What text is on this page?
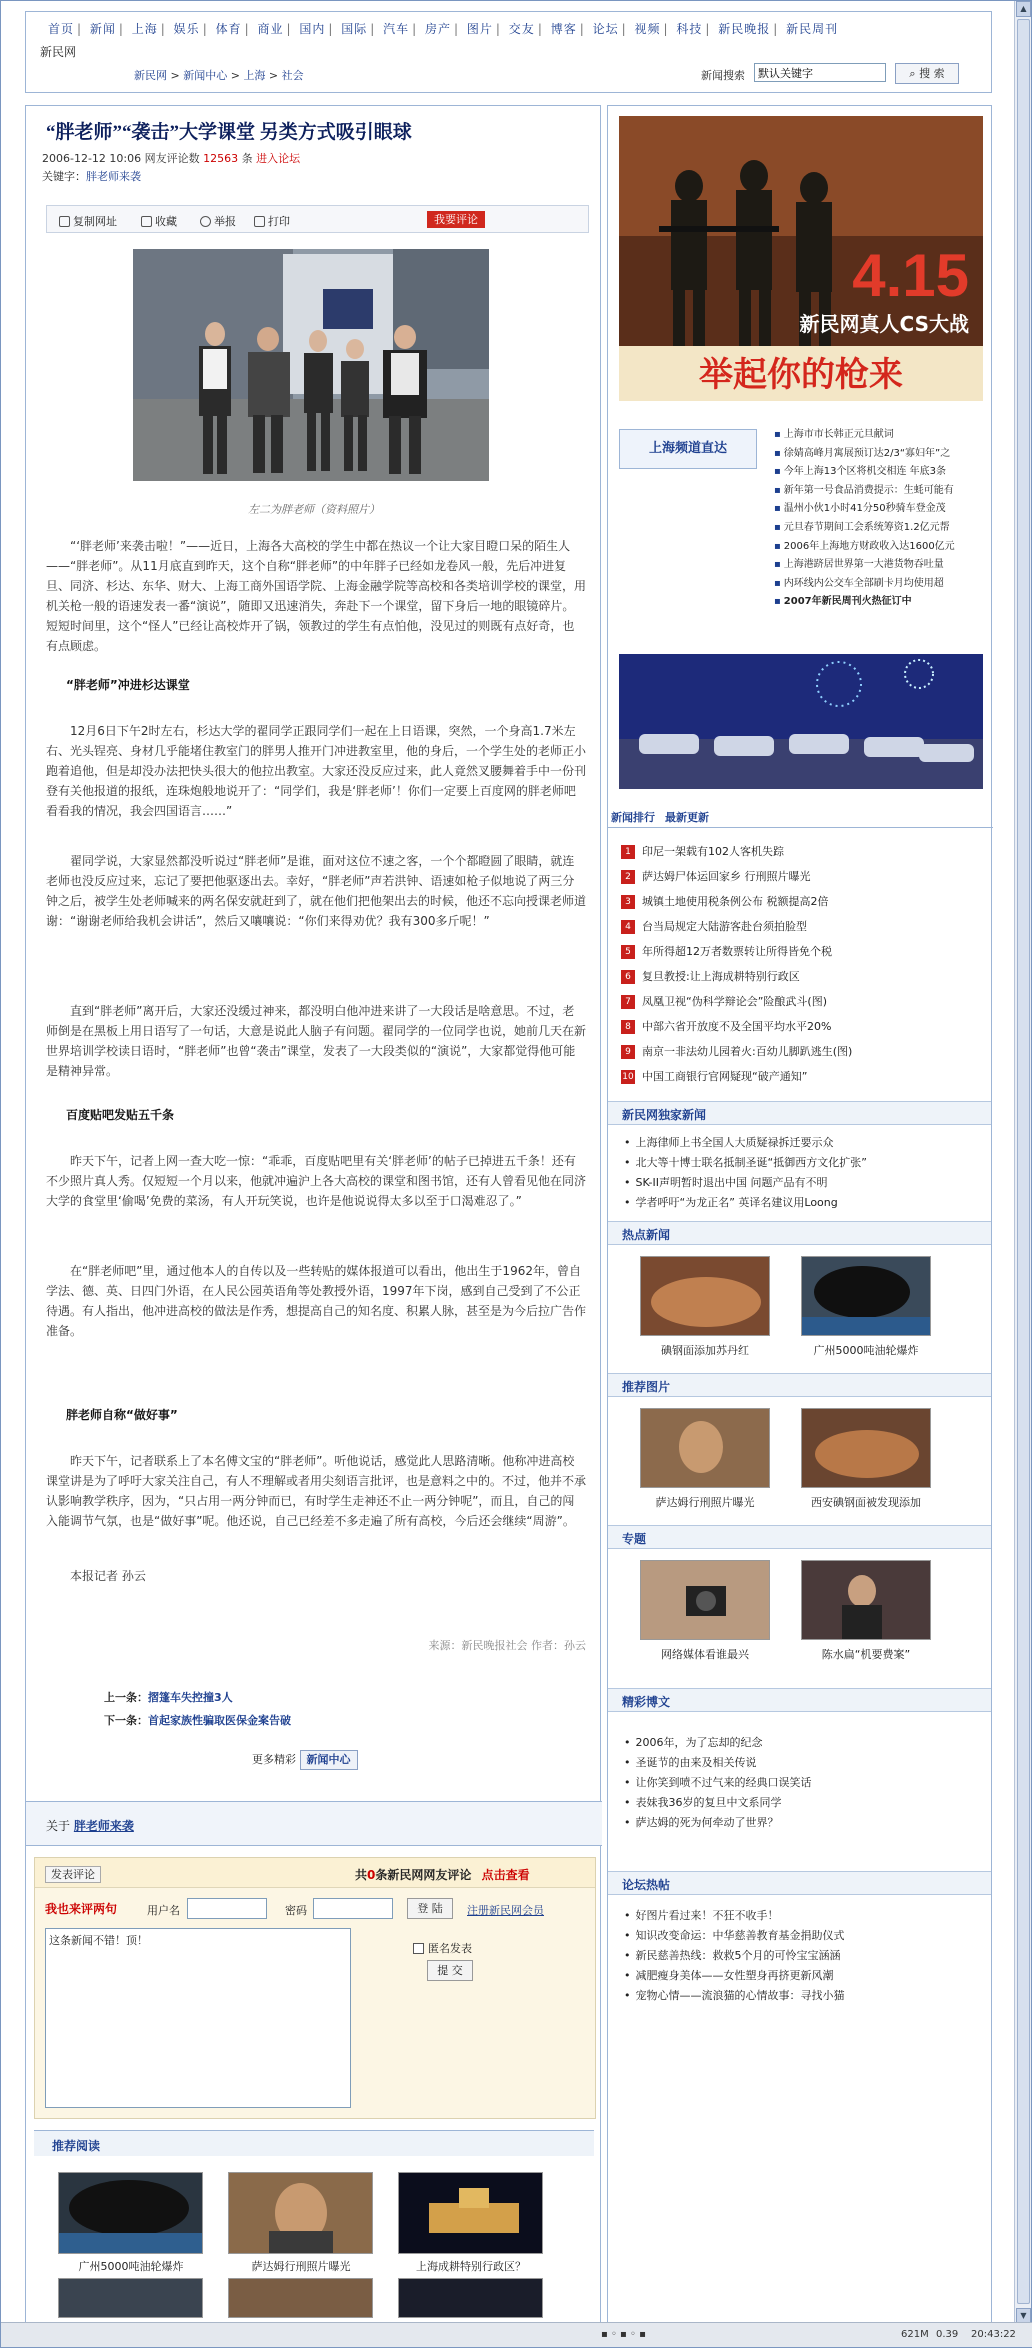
首页 | 新闻 | 上海 | 娱乐 | 体育 | 商业 | 国内 | 国际 | 汽车 | 房产 | 图片 | 交友 | 博客 | 论坛 | 视频 | 科技 | 新民晚报 | 新民周刊
新民网
新民网 > 新闻中心 > 上海 > 社会	新闻搜索
默认关键字	⌕ 搜 索
“胖老师”“袭击”大学课堂 另类方式吸引眼球
2006-12-12 10:06 网友评论数 12563 条 进入论坛
关键字：胖老师来袭
复制网址	收藏	举报	打印	我要评论
左二为胖老师（资料照片）

“‘胖老师’来袭击啦！”——近日，上海各大高校的学生中都在热议一个让大家目瞪口呆的陌生人——“胖老师”。从11月底直到昨天，这个自称“胖老师”的中年胖子已经如龙卷风一般，先后冲进复旦、同济、杉达、东华、财大、上海工商外国语学院、上海金融学院等高校和各类培训学校的课堂，用机关枪一般的语速发表一番“演说”，随即又迅速消失，奔赴下一个课堂，留下身后一地的眼镜碎片。短短时间里，这个“怪人”已经让高校炸开了锅，领教过的学生有点怕他，没见过的则既有点好奇，也有点顾虑。

“胖老师”冲进杉达课堂

12月6日下午2时左右，杉达大学的翟同学正跟同学们一起在上日语课，突然，一个身高1.7米左右、光头锃亮、身材几乎能堵住教室门的胖男人推开门冲进教室里，他的身后，一个学生处的老师正小跑着追他，但是却没办法把快头很大的他拉出教室。大家还没反应过来，此人竟然叉腰舞着手中一份刊登有关他报道的报纸，连珠炮般地说开了：“同学们，我是‘胖老师’！你们一定要上百度网的胖老师吧看看我的情况，我会四国语言……”

翟同学说，大家显然都没听说过“胖老师”是谁，面对这位不速之客，一个个都瞪圆了眼睛，就连老师也没反应过来，忘记了要把他驱逐出去。幸好，“胖老师”声若洪钟、语速如枪子似地说了两三分钟之后，被学生处老师喊来的两名保安就赶到了，就在他们把他架出去的时候，他还不忘向授课老师道谢：“谢谢老师给我机会讲话”，然后又嚷嚷说：“你们来得劝优？我有300多斤呢！”

直到“胖老师”离开后，大家还没缓过神来，都没明白他冲进来讲了一大段话是啥意思。不过，老师倒是在黑板上用日语写了一句话，大意是说此人脑子有问题。翟同学的一位同学也说，她前几天在新世界培训学校读日语时，“胖老师”也曾“袭击”课堂，发表了一大段类似的“演说”，大家都觉得他可能是精神异常。

百度贴吧发贴五千条

昨天下午，记者上网一查大吃一惊：“乖乖，百度贴吧里有关‘胖老师’的帖子已掉进五千条！还有不少照片真人秀。仅短短一个月以来，他就冲遍沪上各大高校的课堂和图书馆，还有人曾看见他在同济大学的食堂里‘偷喝’免费的菜汤，有人开玩笑说，也许是他说说得太多以至于口渴难忍了。”

在“胖老师吧”里，通过他本人的自传以及一些转贴的媒体报道可以看出，他出生于1962年，曾自学法、德、英、日四门外语，在人民公园英语角等处教授外语，1997年下岗，感到自己受到了不公正待遇。有人指出，他冲进高校的做法是作秀，想提高自己的知名度、积累人脉，甚至是为今后拉广告作准备。

胖老师自称“做好事”

昨天下午，记者联系上了本名傅文宝的“胖老师”。听他说话，感觉此人思路清晰。他称冲进高校课堂讲是为了呼吁大家关注自己，有人不理解或者用尖刻语言批评，也是意料之中的。不过，他并不承认影响教学秩序，因为，“只占用一两分钟而已，有时学生走神还不止一两分钟呢”，而且，自己的闯入能调节气氛，也是“做好事”呢。他还说，自己已经差不多走遍了所有高校，今后还会继续“周游”。

本报记者 孙云

来源：新民晚报社会 作者：孙云
上一条：摺篷车失控撞3人
下一条：首起家族性骗取医保金案告破
更多精彩 新闻中心
关于 胖老师来袭
发表评论	共0条新民网网友评论 点击查看
我也来评两句	用户名	密码	登 陆	注册新民网会员
这条新闻不错！顶！
匿名发表
提 交
推荐阅读
广州5000吨油轮爆炸	萨达姆行刑照片曝光	上海成耕特别行政区？
4.15
新民网真人CS大战
举起你的枪来
上海频道直达
▪ 上海市市长韩正元旦献词
▪ 徐婧高峰月寓展预订达2/3“寡妇年”之
▪ 今年上海13个区将机交相连 年底3条
▪ 新年第一号食品消费提示：生蚝可能有
▪ 温州小伙1小时41分50秒骑车登金茂
▪ 元旦春节期间工会系统筹资1.2亿元帮
▪ 2006年上海地方财政收入达1600亿元
▪ 上海港跻居世界第一大港货物吞吐量
▪ 内环线内公交车全部刷卡月均使用超
▪ 2007年新民周刊火热征订中
新闻排行 最新更新
1 印尼一架载有102人客机失踪
2 萨达姆尸体运回家乡 行刑照片曝光
3 城镇土地使用税条例公布 税额提高2倍
4 台当局规定大陆游客赴台须拍脸型
5 年所得超12万者数票转让所得皆免个税
6 复旦教授:让上海成耕特别行政区
7 凤凰卫视“伪科学辩论会”险酿武斗(图)
8 中部六省开放度不及全国平均水平20%
9 南京一非法幼儿园着火:百幼儿脚趴逃生(图)
10 中国工商银行官网疑现“破产通知”
新民网独家新闻
• 上海律师上书全国人大质疑禄拆迁要示众
• 北大等十博士联名抵制圣诞“抵御西方文化扩张”
• SK-II声明暂时退出中国 问题产品有不明
• 学者呼吁“为龙正名” 英译名建议用Loong
热点新闻
碘钢面添加苏丹红	广州5000吨油轮爆炸
推荐图片
萨达姆行刑照片曝光	西安碘钢面被发现添加
专题
网络媒体看谁最兴	陈水扁“机要费案”
精彩博文
• 2006年，为了忘却的纪念
• 圣诞节的由来及相关传说
• 让你笑到喷不过气来的经典口误笑话
• 表妹我36岁的复旦中文系同学
• 萨达姆的死为何牵动了世界？
论坛热帖
• 好图片看过来！不狂不收手！
• 知识改变命运：中华慈善教育基金捐助仪式
• 新民慈善热线：救救5个月的可怜宝宝涵涵
• 减肥瘦身美体——女性塑身再挤更新风潮
• 宠物心情——流浪猫的心情故事：寻找小猫
▲
▼
▪ ◦ ▪ ◦ ▪	621M 0.39 20:43:22
